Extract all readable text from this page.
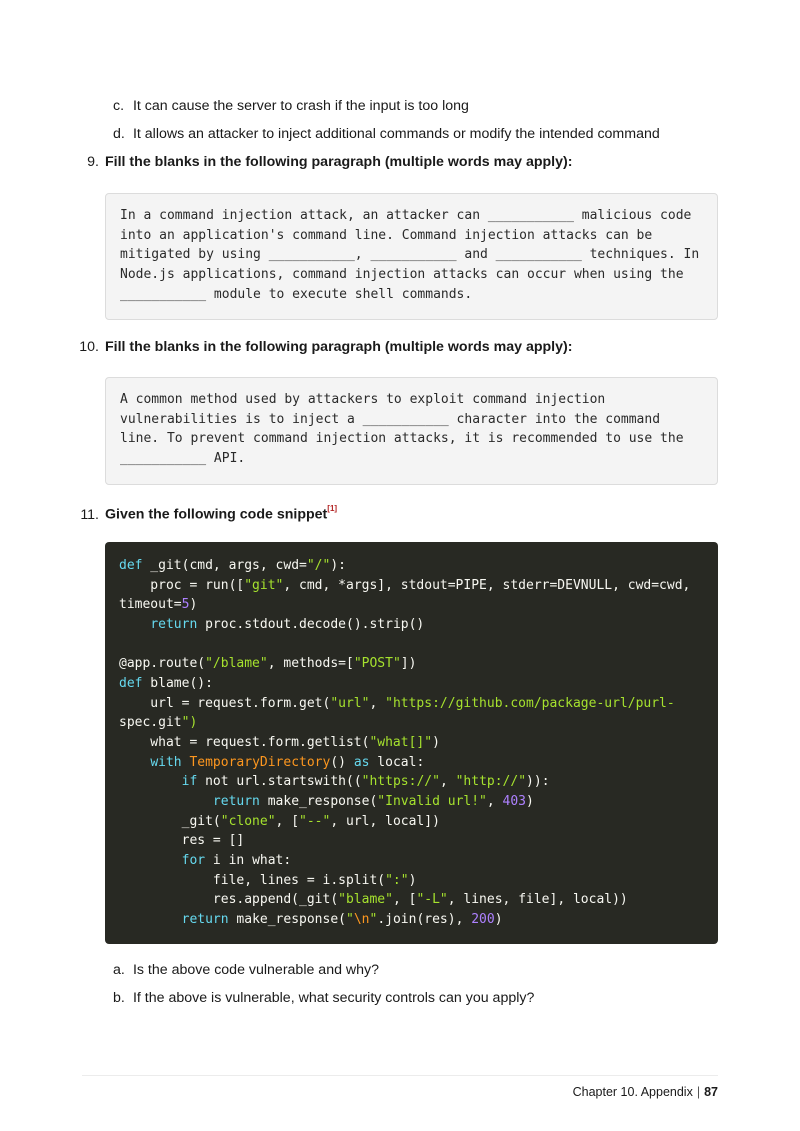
c. It can cause the server to crash if the input is too long
d. It allows an attacker to inject additional commands or modify the intended command
9. Fill the blanks in the following paragraph (multiple words may apply):
In a command injection attack, an attacker can ___________ malicious code
into an application's command line. Command injection attacks can be
mitigated by using ___________, ___________ and ___________ techniques. In
Node.js applications, command injection attacks can occur when using the
___________ module to execute shell commands.
10. Fill the blanks in the following paragraph (multiple words may apply):
A common method used by attackers to exploit command injection
vulnerabilities is to inject a ___________ character into the command
line. To prevent command injection attacks, it is recommended to use the
___________ API.
11. Given the following code snippet[1]
def _git(cmd, args, cwd="/"):
proc = run(["git", cmd, *args], stdout=PIPE, stderr=DEVNULL, cwd=cwd,
timeout=5)
return proc.stdout.decode().strip()
@app.route("/blame", methods=["POST"])
def blame():
url = request.form.get("url", "https://github.com/package-url/purl-
spec.git")
what = request.form.getlist("what[]")
with TemporaryDirectory() as local:
if not url.startswith(("https://", "http://")):
return make_response("Invalid url!", 403)
_git("clone", ["--", url, local])
res = []
for i in what:
file, lines = i.split(":")
res.append(_git("blame", ["-L", lines, file], local))
return make_response("\n".join(res), 200)
a. Is the above code vulnerable and why?
b. If the above is vulnerable, what security controls can you apply?
Chapter 10. Appendix | 87
